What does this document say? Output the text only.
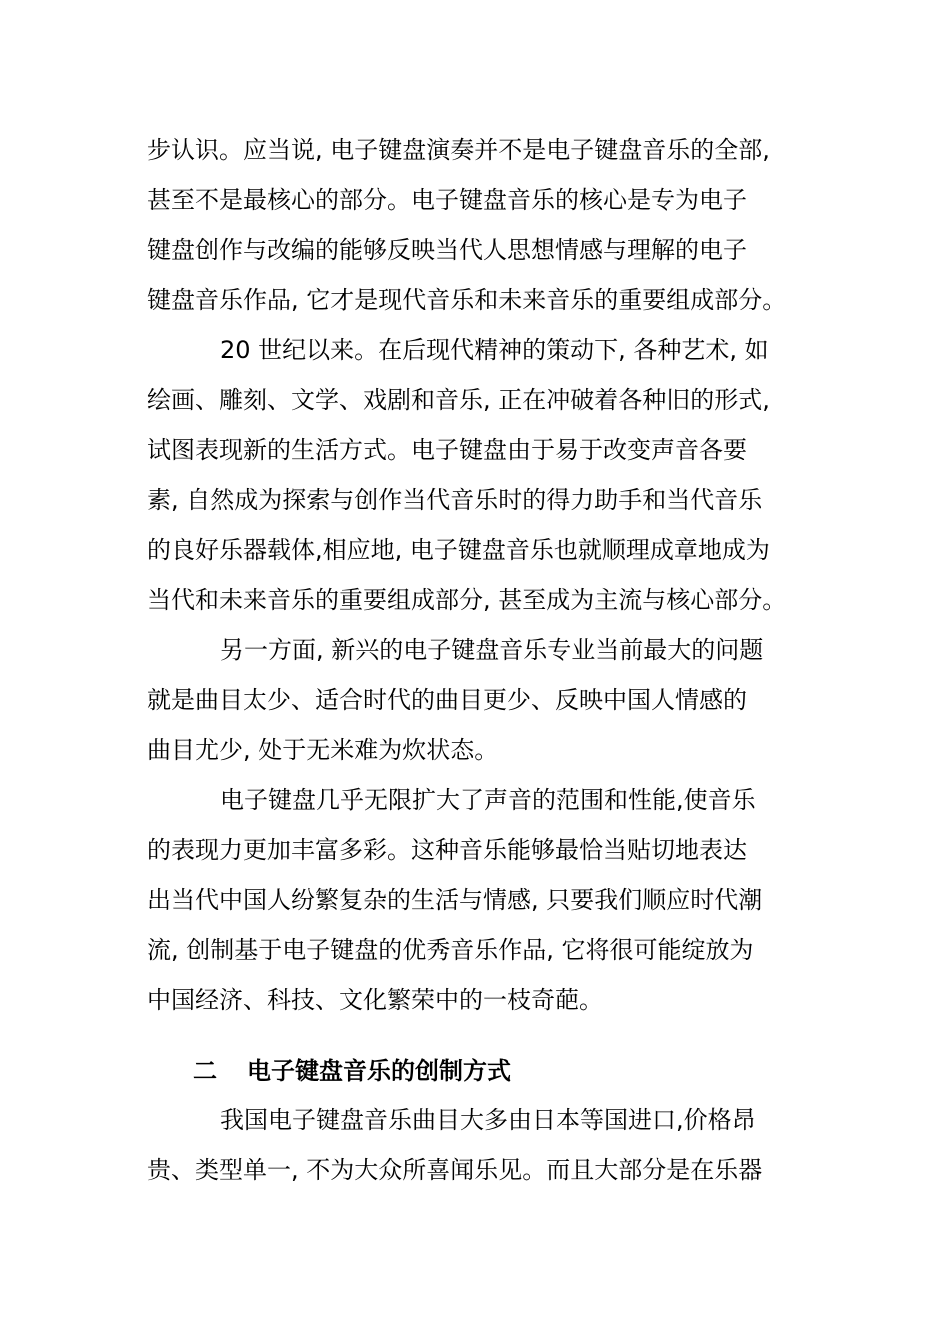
步认识。应当说, 电子键盘演奏并不是电子键盘音乐的全部,
甚至不是最核心的部分。电子键盘音乐的核心是专为电子
键盘创作与改编的能够反映当代人思想情感与理解的电子
键盘音乐作品, 它才是现代音乐和未来音乐的重要组成部分。
20 世纪以来。在后现代精神的策动下, 各种艺术, 如
绘画、雕刻、文学、戏剧和音乐, 正在冲破着各种旧的形式,
试图表现新的生活方式。电子键盘由于易于改变声音各要
素, 自然成为探索与创作当代音乐时的得力助手和当代音乐
的良好乐器载体,相应地, 电子键盘音乐也就顺理成章地成为
当代和未来音乐的重要组成部分, 甚至成为主流与核心部分。
另一方面, 新兴的电子键盘音乐专业当前最大的问题
就是曲目太少、适合时代的曲目更少、反映中国人情感的
曲目尤少, 处于无米难为炊状态。
电子键盘几乎无限扩大了声音的范围和性能,使音乐
的表现力更加丰富多彩。这种音乐能够最恰当贴切地表达
出当代中国人纷繁复杂的生活与情感, 只要我们顺应时代潮
流, 创制基于电子键盘的优秀音乐作品, 它将很可能绽放为
中国经济、科技、文化繁荣中的一枝奇葩。
二 电子键盘音乐的创制方式
我国电子键盘音乐曲目大多由日本等国进口,价格昂
贵、类型单一, 不为大众所喜闻乐见。而且大部分是在乐器
